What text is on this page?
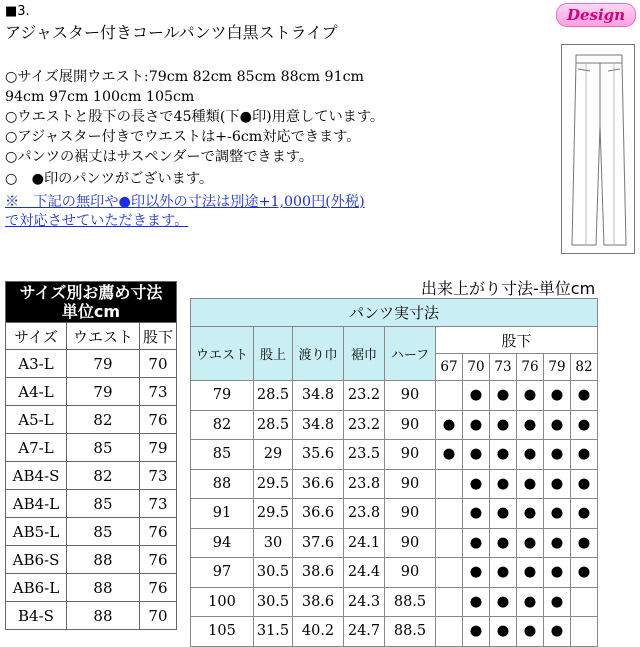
■3.
アジャスター付きコールパンツ白黒ストライプ
Design
○サイズ展開ウエスト:79cm 82cm 85cm 88cm 91cm
94cm 97cm 100cm 105cm
○ウエストと股下の長さで45種類(下●印)用意しています。
○アジャスター付きでウエストは+-6cm対応できます。
○パンツの裾丈はサスペンダーで調整できます。
○　●印のパンツがございます。
※　下記の無印や●印以外の寸法は別途+1,000円(外税)
で対応させていただきます。
出来上がり寸法-単位cm
サイズ別お薦め寸法
単位cm		
サイズ	ウエスト	股下
A3-L	79	70
A4-L	79	73
A5-L	82	76
A7-L	85	79
AB4-S	82	73
AB4-L	85	73
AB5-L	85	76
AB6-S	88	76
AB6-L	88	76
B4-S	88	70
パンツ実寸法										
ウエスト	股上	渡り巾	裾巾	ハーフ	股下					
					67	70	73	76	79	82
79	28.5	34.8	23.2	90		●	●	●	●	●
82	28.5	34.8	23.2	90	●	●	●	●	●	●
85	29	35.6	23.5	90	●	●	●	●	●	●
88	29.5	36.6	23.8	90		●	●	●	●	●
91	29.5	36.6	23.8	90		●	●	●	●	●
94	30	37.6	24.1	90		●	●	●	●	●
97	30.5	38.6	24.4	90		●	●	●	●	●
100	30.5	38.6	24.3	88.5		●	●	●	●	
105	31.5	40.2	24.7	88.5		●	●	●	●	
